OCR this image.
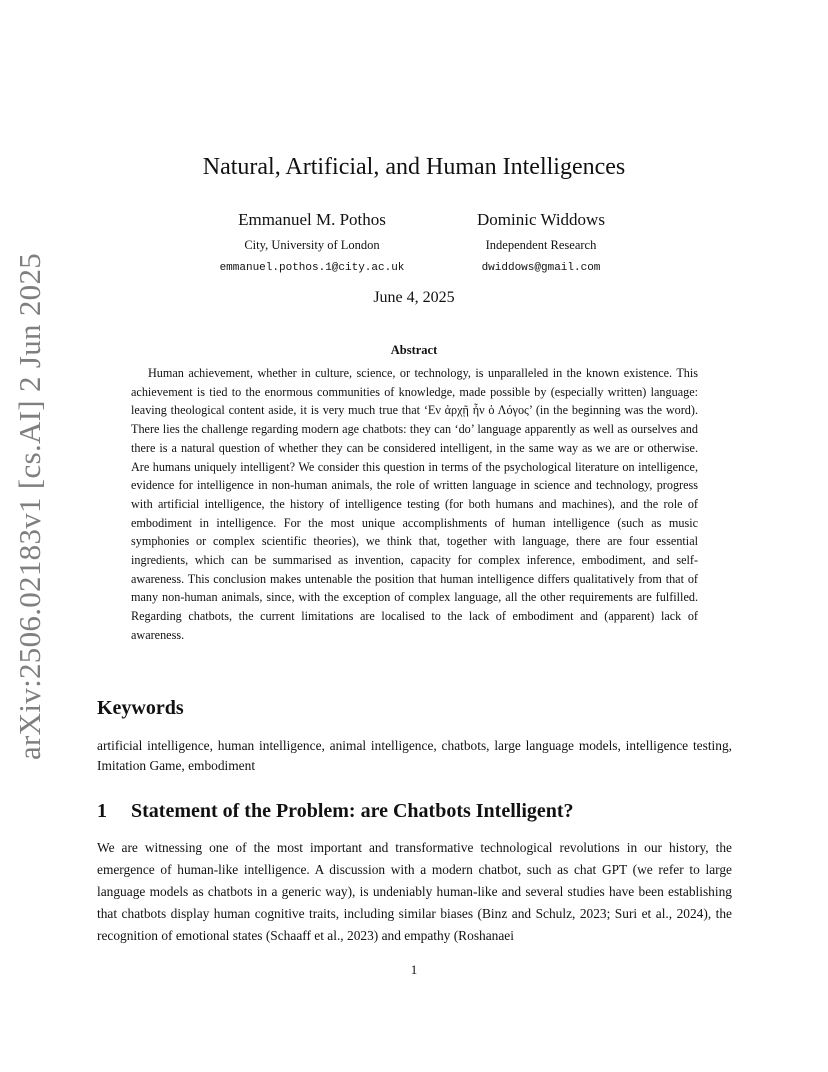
arXiv:2506.02183v1 [cs.AI] 2 Jun 2025
Natural, Artificial, and Human Intelligences
Emmanuel M. Pothos
City, University of London
emmanuel.pothos.1@city.ac.uk
Dominic Widdows
Independent Research
dwiddows@gmail.com
June 4, 2025
Abstract

Human achievement, whether in culture, science, or technology, is unparalleled in the known existence. This achievement is tied to the enormous communities of knowledge, made possible by (especially written) language: leaving theological content aside, it is very much true that ‘Εν ἀρχῇ ἦν ὁ Λόγος’ (in the beginning was the word). There lies the challenge regarding modern age chatbots: they can ‘do’ language apparently as well as ourselves and there is a natural question of whether they can be considered intelligent, in the same way as we are or otherwise. Are humans uniquely intelligent? We consider this question in terms of the psychological literature on intelligence, evidence for intelligence in non-human animals, the role of written language in science and technology, progress with artificial intelligence, the history of intelligence testing (for both humans and machines), and the role of embodiment in intelligence. For the most unique accomplishments of human intelligence (such as music symphonies or complex scientific theories), we think that, together with language, there are four essential ingredients, which can be summarised as invention, capacity for complex inference, embodiment, and self-awareness. This conclusion makes untenable the position that human intelligence differs qualitatively from that of many non-human animals, since, with the exception of complex language, all the other requirements are fulfilled. Regarding chatbots, the current limitations are localised to the lack of embodiment and (apparent) lack of awareness.

Keywords

artificial intelligence, human intelligence, animal intelligence, chatbots, large language models, intelligence testing, Imitation Game, embodiment

1 Statement of the Problem: are Chatbots Intelligent?

We are witnessing one of the most important and transformative technological revolutions in our history, the emergence of human-like intelligence. A discussion with a modern chatbot, such as chat GPT (we refer to large language models as chatbots in a generic way), is undeniably human-like and several studies have been establishing that chatbots display human cognitive traits, including similar biases (Binz and Schulz, 2023; Suri et al., 2024), the recognition of emotional states (Schaaff et al., 2023) and empathy (Roshanaei

1
